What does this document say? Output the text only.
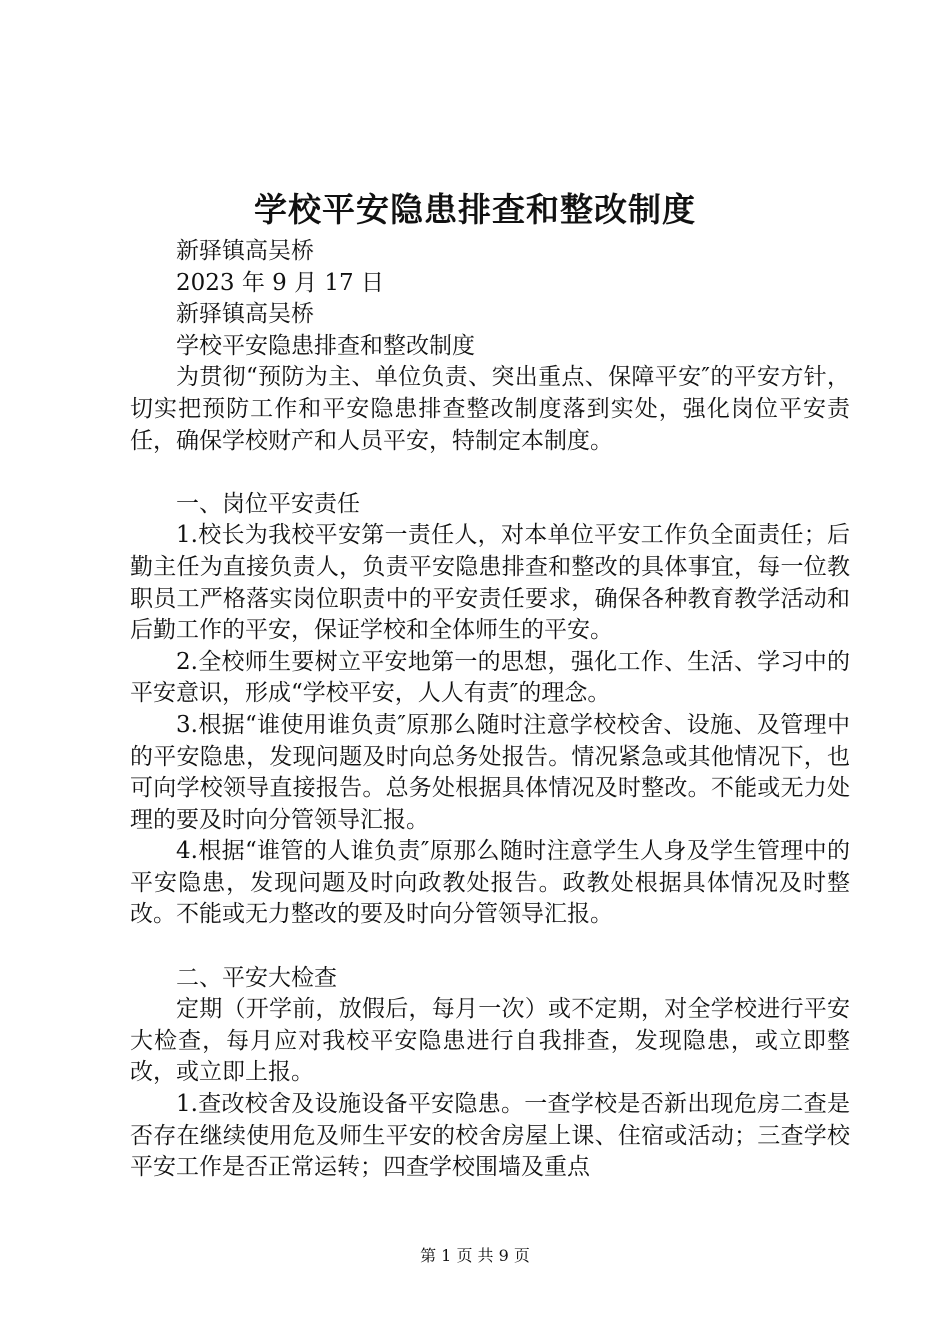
学校平安隐患排查和整改制度

新驿镇高吴桥

2023 年 9 月 17 日

新驿镇高吴桥

学校平安隐患排查和整改制度

为贯彻“预防为主、单位负责、突出重点、保障平安″的平安方针，切实把预防工作和平安隐患排查整改制度落到实处，强化岗位平安责任，确保学校财产和人员平安，特制定本制度。

一、岗位平安责任

1.校长为我校平安第一责任人，对本单位平安工作负全面责任；后勤主任为直接负责人，负责平安隐患排查和整改的具体事宜，每一位教职员工严格落实岗位职责中的平安责任要求，确保各种教育教学活动和后勤工作的平安，保证学校和全体师生的平安。

2.全校师生要树立平安地第一的思想，强化工作、生活、学习中的平安意识，形成“学校平安，人人有责″的理念。

3.根据“谁使用谁负责″原那么随时注意学校校舍、设施、及管理中的平安隐患，发现问题及时向总务处报告。情况紧急或其他情况下，也可向学校领导直接报告。总务处根据具体情况及时整改。不能或无力处理的要及时向分管领导汇报。

4.根据“谁管的人谁负责″原那么随时注意学生人身及学生管理中的平安隐患，发现问题及时向政教处报告。政教处根据具体情况及时整改。不能或无力整改的要及时向分管领导汇报。

二、平安大检查

定期（开学前，放假后，每月一次）或不定期，对全学校进行平安大检查，每月应对我校平安隐患进行自我排查，发现隐患，或立即整改，或立即上报。

1.查改校舍及设施设备平安隐患。一查学校是否新出现危房二查是否存在继续使用危及师生平安的校舍房屋上课、住宿或活动；三查学校平安工作是否正常运转；四查学校围墙及重点

第 1 页 共 9 页
